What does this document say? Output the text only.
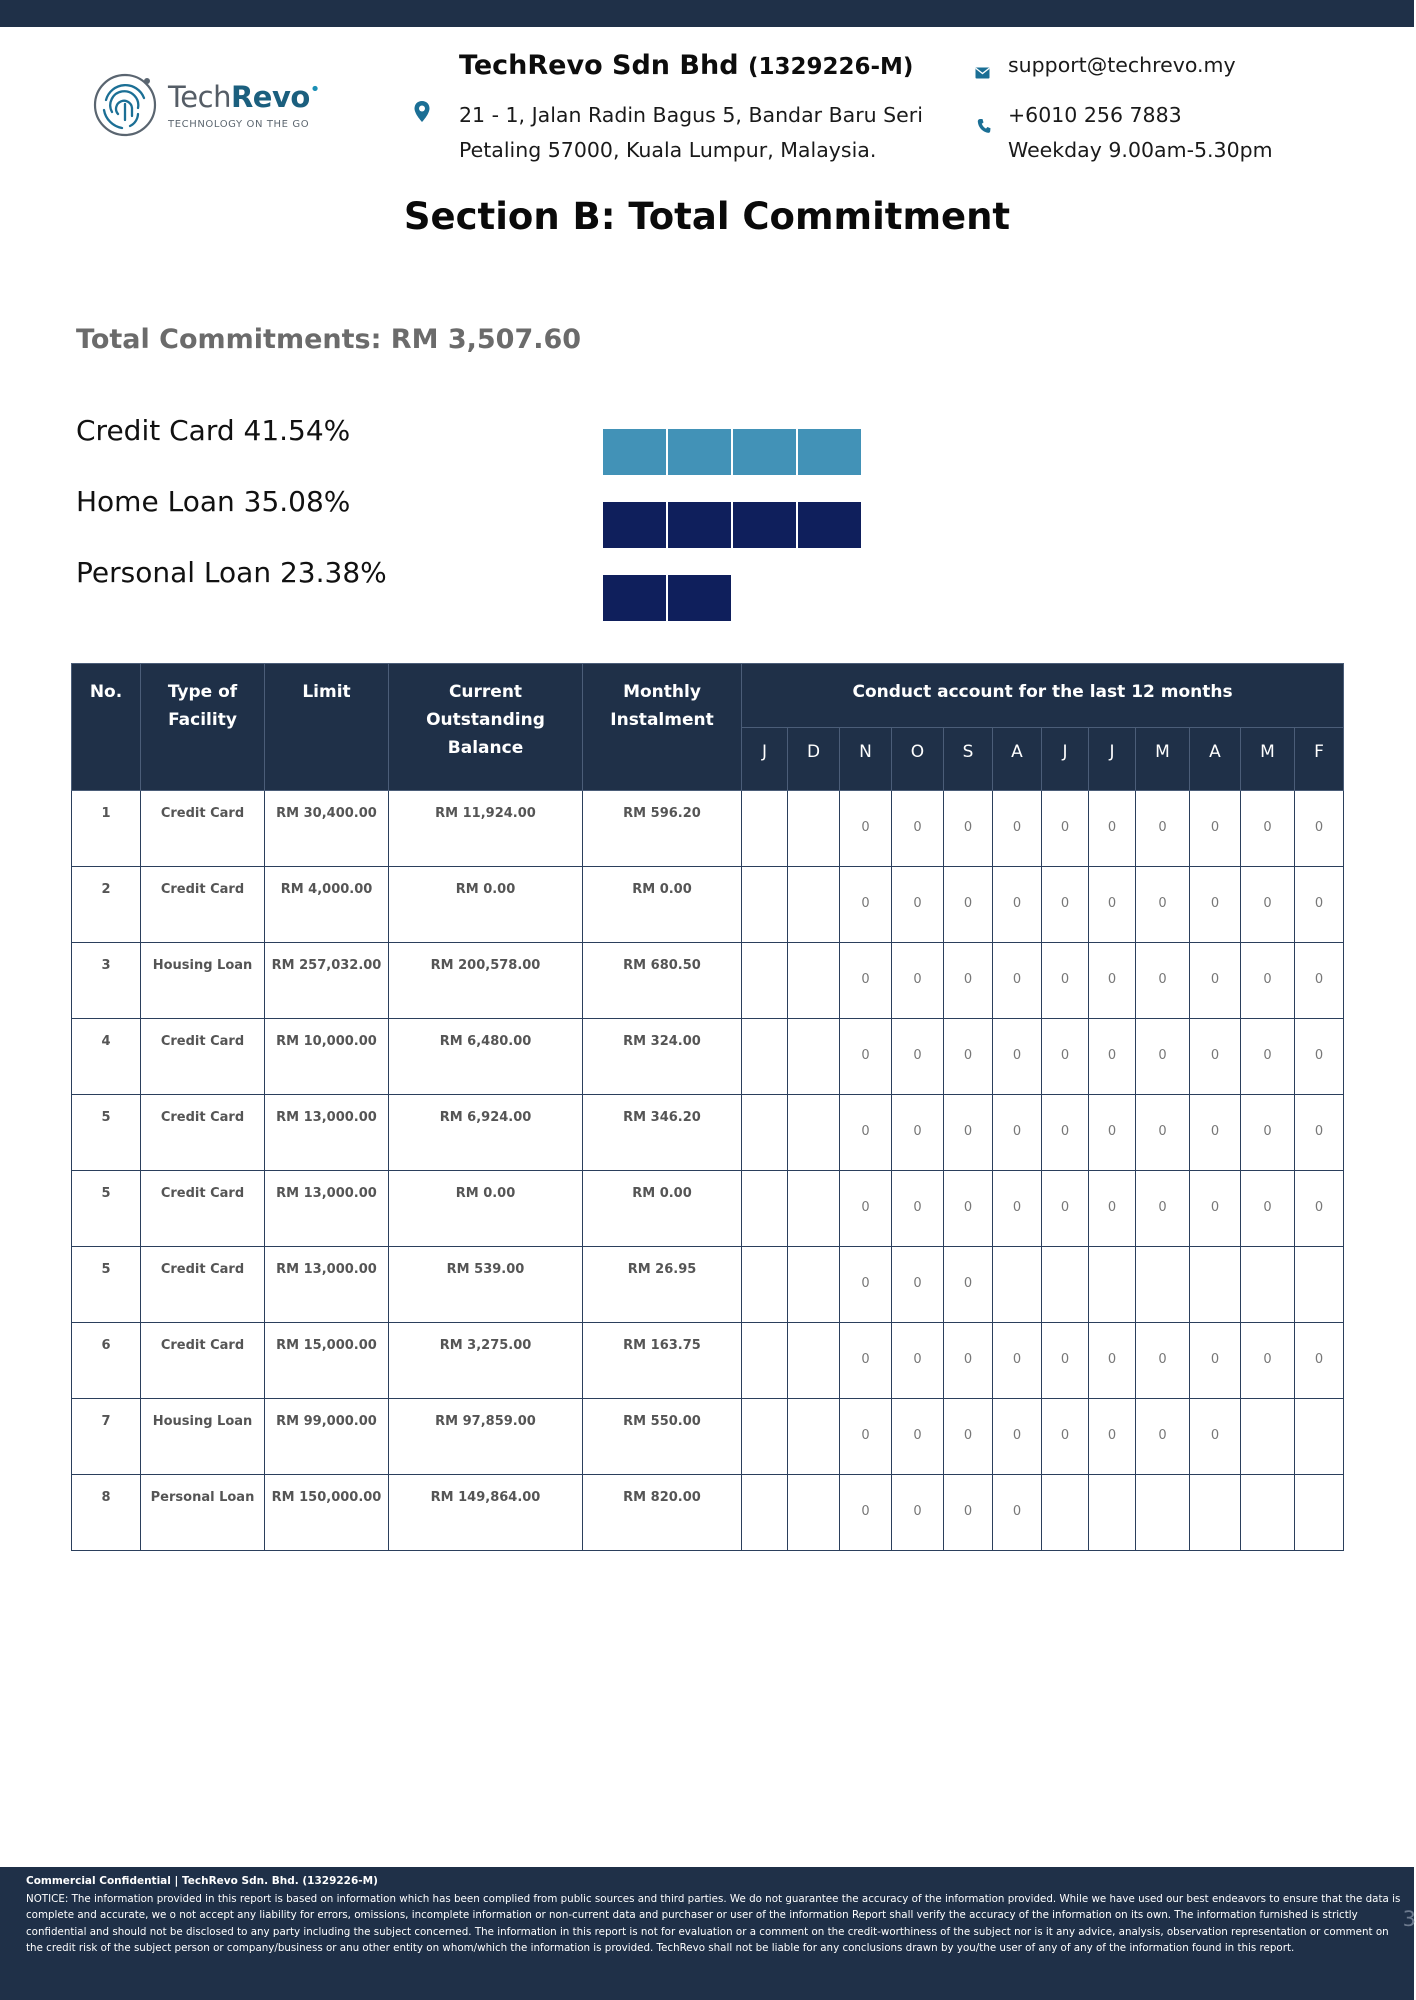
TechRevo•
TECHNOLOGY ON THE GO
TechRevo Sdn Bhd (1329226-M)
21 - 1, Jalan Radin Bagus 5, Bandar Baru Seri
Petaling 57000, Kuala Lumpur, Malaysia.
support@techrevo.my
+6010 256 7883
Weekday 9.00am-5.30pm
Section B: Total Commitment
Total Commitments: RM 3,507.60
Credit Card 41.54%
Home Loan 35.08%
Personal Loan 23.38%
No.	Type of Facility	Limit	Current Outstanding Balance	Monthly Instalment	Conduct account for the last 12 months											
					J	D	N	O	S	A	J	J	M	A	M	F
1	Credit Card	RM 30,400.00	RM 11,924.00	RM 596.20			0	0	0	0	0	0	0	0	0	0
2	Credit Card	RM 4,000.00	RM 0.00	RM 0.00			0	0	0	0	0	0	0	0	0	0
3	Housing Loan	RM 257,032.00	RM 200,578.00	RM 680.50			0	0	0	0	0	0	0	0	0	0
4	Credit Card	RM 10,000.00	RM 6,480.00	RM 324.00			0	0	0	0	0	0	0	0	0	0
5	Credit Card	RM 13,000.00	RM 6,924.00	RM 346.20			0	0	0	0	0	0	0	0	0	0
5	Credit Card	RM 13,000.00	RM 0.00	RM 0.00			0	0	0	0	0	0	0	0	0	0
5	Credit Card	RM 13,000.00	RM 539.00	RM 26.95			0	0	0							
6	Credit Card	RM 15,000.00	RM 3,275.00	RM 163.75			0	0	0	0	0	0	0	0	0	0
7	Housing Loan	RM 99,000.00	RM 97,859.00	RM 550.00			0	0	0	0	0	0	0	0		
8	Personal Loan	RM 150,000.00	RM 149,864.00	RM 820.00			0	0	0	0						
Commercial Confidential | TechRevo Sdn. Bhd. (1329226-M)
NOTICE: The information provided in this report is based on information which has been complied from public sources and third parties. We do not guarantee the accuracy of the information provided. While we have used our best endeavors to ensure that the data is complete and accurate, we o not accept any liability for errors, omissions, incomplete information or non-current data and purchaser or user of the information Report shall verify the accuracy of the information on its own. The information furnished is strictly confidential and should not be disclosed to any party including the subject concerned. The information in this report is not for evaluation or a comment on the credit-worthiness of the subject nor is it any advice, analysis, observation representation or comment on the credit risk of the subject person or company/business or anu other entity on whom/which the information is provided. TechRevo shall not be liable for any conclusions drawn by you/the user of any of any of the information found in this report.
3
